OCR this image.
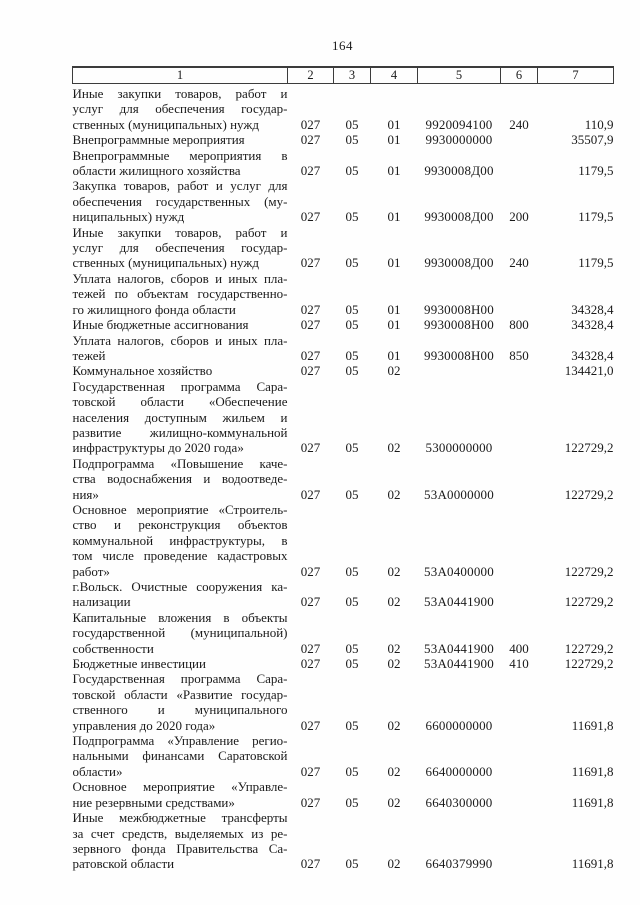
164
1	2	3	4	5	6	7

Иные закупки товаров, работ и
услуг для обеспечения государ-
ственных (муниципальных) нужд	027	05	01	9920094100	240	110,9

Внепрограммные мероприятия	027	05	01	9930000000		35507,9

Внепрограммные мероприятия в
области жилищного хозяйства	027	05	01	9930008Д00		1179,5

Закупка товаров, работ и услуг для
обеспечения государственных (му-
ниципальных) нужд	027	05	01	9930008Д00	200	1179,5

Иные закупки товаров, работ и
услуг для обеспечения государ-
ственных (муниципальных) нужд	027	05	01	9930008Д00	240	1179,5

Уплата налогов, сборов и иных пла-
тежей по объектам государственно-
го жилищного фонда области	027	05	01	9930008Н00		34328,4

Иные бюджетные ассигнования	027	05	01	9930008Н00	800	34328,4

Уплата налогов, сборов и иных пла-
тежей	027	05	01	9930008Н00	850	34328,4

Коммунальное хозяйство	027	05	02			134421,0

Государственная программа Сара-
товской области «Обеспечение
населения доступным жильем и
развитие жилищно-коммунальной
инфраструктуры до 2020 года»	027	05	02	5300000000		122729,2

Подпрограмма «Повышение каче-
ства водоснабжения и водоотведе-
ния»	027	05	02	53A0000000		122729,2

Основное мероприятие «Строитель-
ство и реконструкция объектов
коммунальной инфраструктуры, в
том числе проведение кадастровых
работ»	027	05	02	53A0400000		122729,2

г.Вольск. Очистные сооружения ка-
нализации	027	05	02	53A0441900		122729,2

Капитальные вложения в объекты
государственной (муниципальной)
собственности	027	05	02	53A0441900	400	122729,2

Бюджетные инвестиции	027	05	02	53A0441900	410	122729,2

Государственная программа Сара-
товской области «Развитие государ-
ственного и муниципального
управления до 2020 года»	027	05	02	6600000000		11691,8

Подпрограмма «Управление регио-
нальными финансами Саратовской
области»	027	05	02	6640000000		11691,8

Основное мероприятие «Управле-
ние резервными средствами»	027	05	02	6640300000		11691,8

Иные межбюджетные трансферты
за счет средств, выделяемых из ре-
зервного фонда Правительства Са-
ратовской области	027	05	02	6640379990		11691,8
